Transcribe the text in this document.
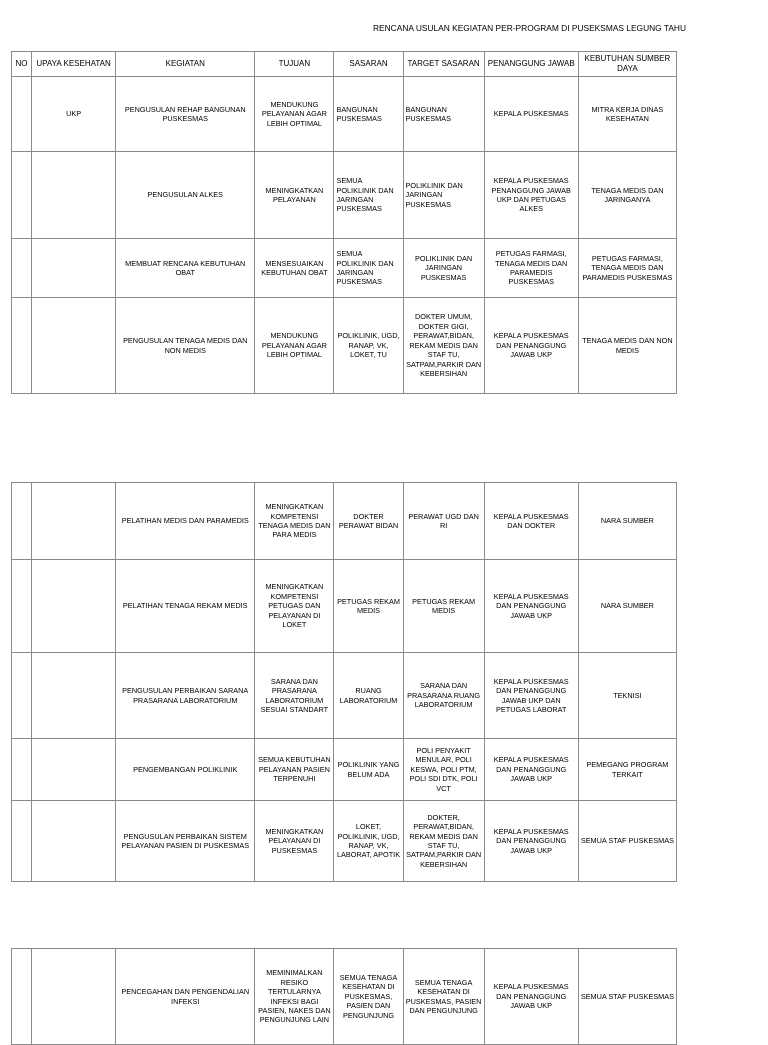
RENCANA USULAN KEGIATAN PER-PROGRAM DI PUSEKSMAS LEGUNG TAHU
NO	UPAYA KESEHATAN	KEGIATAN	TUJUAN	SASARAN	TARGET SASARAN	PENANGGUNG JAWAB	KEBUTUHAN SUMBER DAYA
	UKP	PENGUSULAN REHAP BANGUNAN PUSKESMAS	MENDUKUNG PELAYANAN AGAR LEBIH OPTIMAL	BANGUNAN PUSKESMAS	BANGUNAN PUSKESMAS	KEPALA PUSKESMAS	MITRA KERJA DINAS KESEHATAN
		PENGUSULAN ALKES	MENINGKATKAN PELAYANAN	SEMUA POLIKLINIK DAN JARINGAN PUSKESMAS	POLIKLINIK DAN JARINGAN PUSKESMAS	KEPALA PUSKESMAS PENANGGUNG JAWAB UKP DAN PETUGAS ALKES	TENAGA MEDIS DAN JARINGANYA
		MEMBUAT RENCANA KEBUTUHAN OBAT	MENSESUAIKAN KEBUTUHAN OBAT	SEMUA POLIKLINIK DAN JARINGAN PUSKESMAS	POLIKLINIK DAN JARINGAN PUSKESMAS	PETUGAS FARMASI, TENAGA MEDIS DAN PARAMEDIS PUSKESMAS	PETUGAS FARMASI, TENAGA MEDIS DAN PARAMEDIS PUSKESMAS
		PENGUSULAN TENAGA MEDIS DAN NON MEDIS	MENDUKUNG PELAYANAN AGAR LEBIH OPTIMAL	POLIKLINIK, UGD, RANAP, VK, LOKET, TU	DOKTER UMUM, DOKTER GIGI, PERAWAT,BIDAN, REKAM MEDIS DAN STAF TU, SATPAM,PARKIR DAN KEBERSIHAN	KEPALA PUSKESMAS DAN PENANGGUNG JAWAB UKP	TENAGA MEDIS DAN NON MEDIS
		PELATIHAN MEDIS DAN PARAMEDIS	MENINGKATKAN KOMPETENSI TENAGA MEDIS DAN PARA MEDIS	DOKTER PERAWAT BIDAN	PERAWAT UGD DAN RI	KEPALA PUSKESMAS DAN DOKTER	NARA SUMBER
		PELATIHAN TENAGA REKAM MEDIS	MENINGKATKAN KOMPETENSI PETUGAS DAN PELAYANAN DI LOKET	PETUGAS REKAM MEDIS	PETUGAS REKAM MEDIS	KEPALA PUSKESMAS DAN PENANGGUNG JAWAB UKP	NARA SUMBER
		PENGUSULAN PERBAIKAN SARANA PRASARANA LABORATORIUM	SARANA DAN PRASARANA LABORATORIUM SESUAI STANDART	RUANG LABORATORIUM	SARANA DAN PRASARANA RUANG LABORATORIUM	KEPALA PUSKESMAS DAN PENANGGUNG JAWAB UKP DAN PETUGAS LABORAT	TEKNISI
		PENGEMBANGAN POLIKLINIK	SEMUA KEBUTUHAN PELAYANAN PASIEN TERPENUHI	POLIKLINIK YANG BELUM ADA	POLI PENYAKIT MENULAR, POLI KESWA, POLI PTM, POLI SDI DTK, POLI VCT	KEPALA PUSKESMAS DAN PENANGGUNG JAWAB UKP	PEMEGANG PROGRAM TERKAIT
		PENGUSULAN PERBAIKAN SISTEM PELAYANAN PASIEN DI PUSKESMAS	MENINGKATKAN PELAYANAN DI PUSKESMAS	LOKET, POLIKLINIK, UGD, RANAP, VK, LABORAT, APOTIK	DOKTER, PERAWAT,BIDAN, REKAM MEDIS DAN STAF TU, SATPAM,PARKIR DAN KEBERSIHAN	KEPALA PUSKESMAS DAN PENANGGUNG JAWAB UKP	SEMUA STAF PUSKESMAS
		PENCEGAHAN DAN PENGENDALIAN INFEKSI	MEMINIMALKAN RESIKO TERTULARNYA INFEKSI BAGI PASIEN, NAKES DAN PENGUNJUNG LAIN	SEMUA TENAGA KESEHATAN DI PUSKESMAS, PASIEN DAN PENGUNJUNG	SEMUA TENAGA KESEHATAN DI PUSKESMAS, PASIEN DAN PENGUNJUNG	KEPALA PUSKESMAS DAN PENANGGUNG JAWAB UKP	SEMUA STAF PUSKESMAS
